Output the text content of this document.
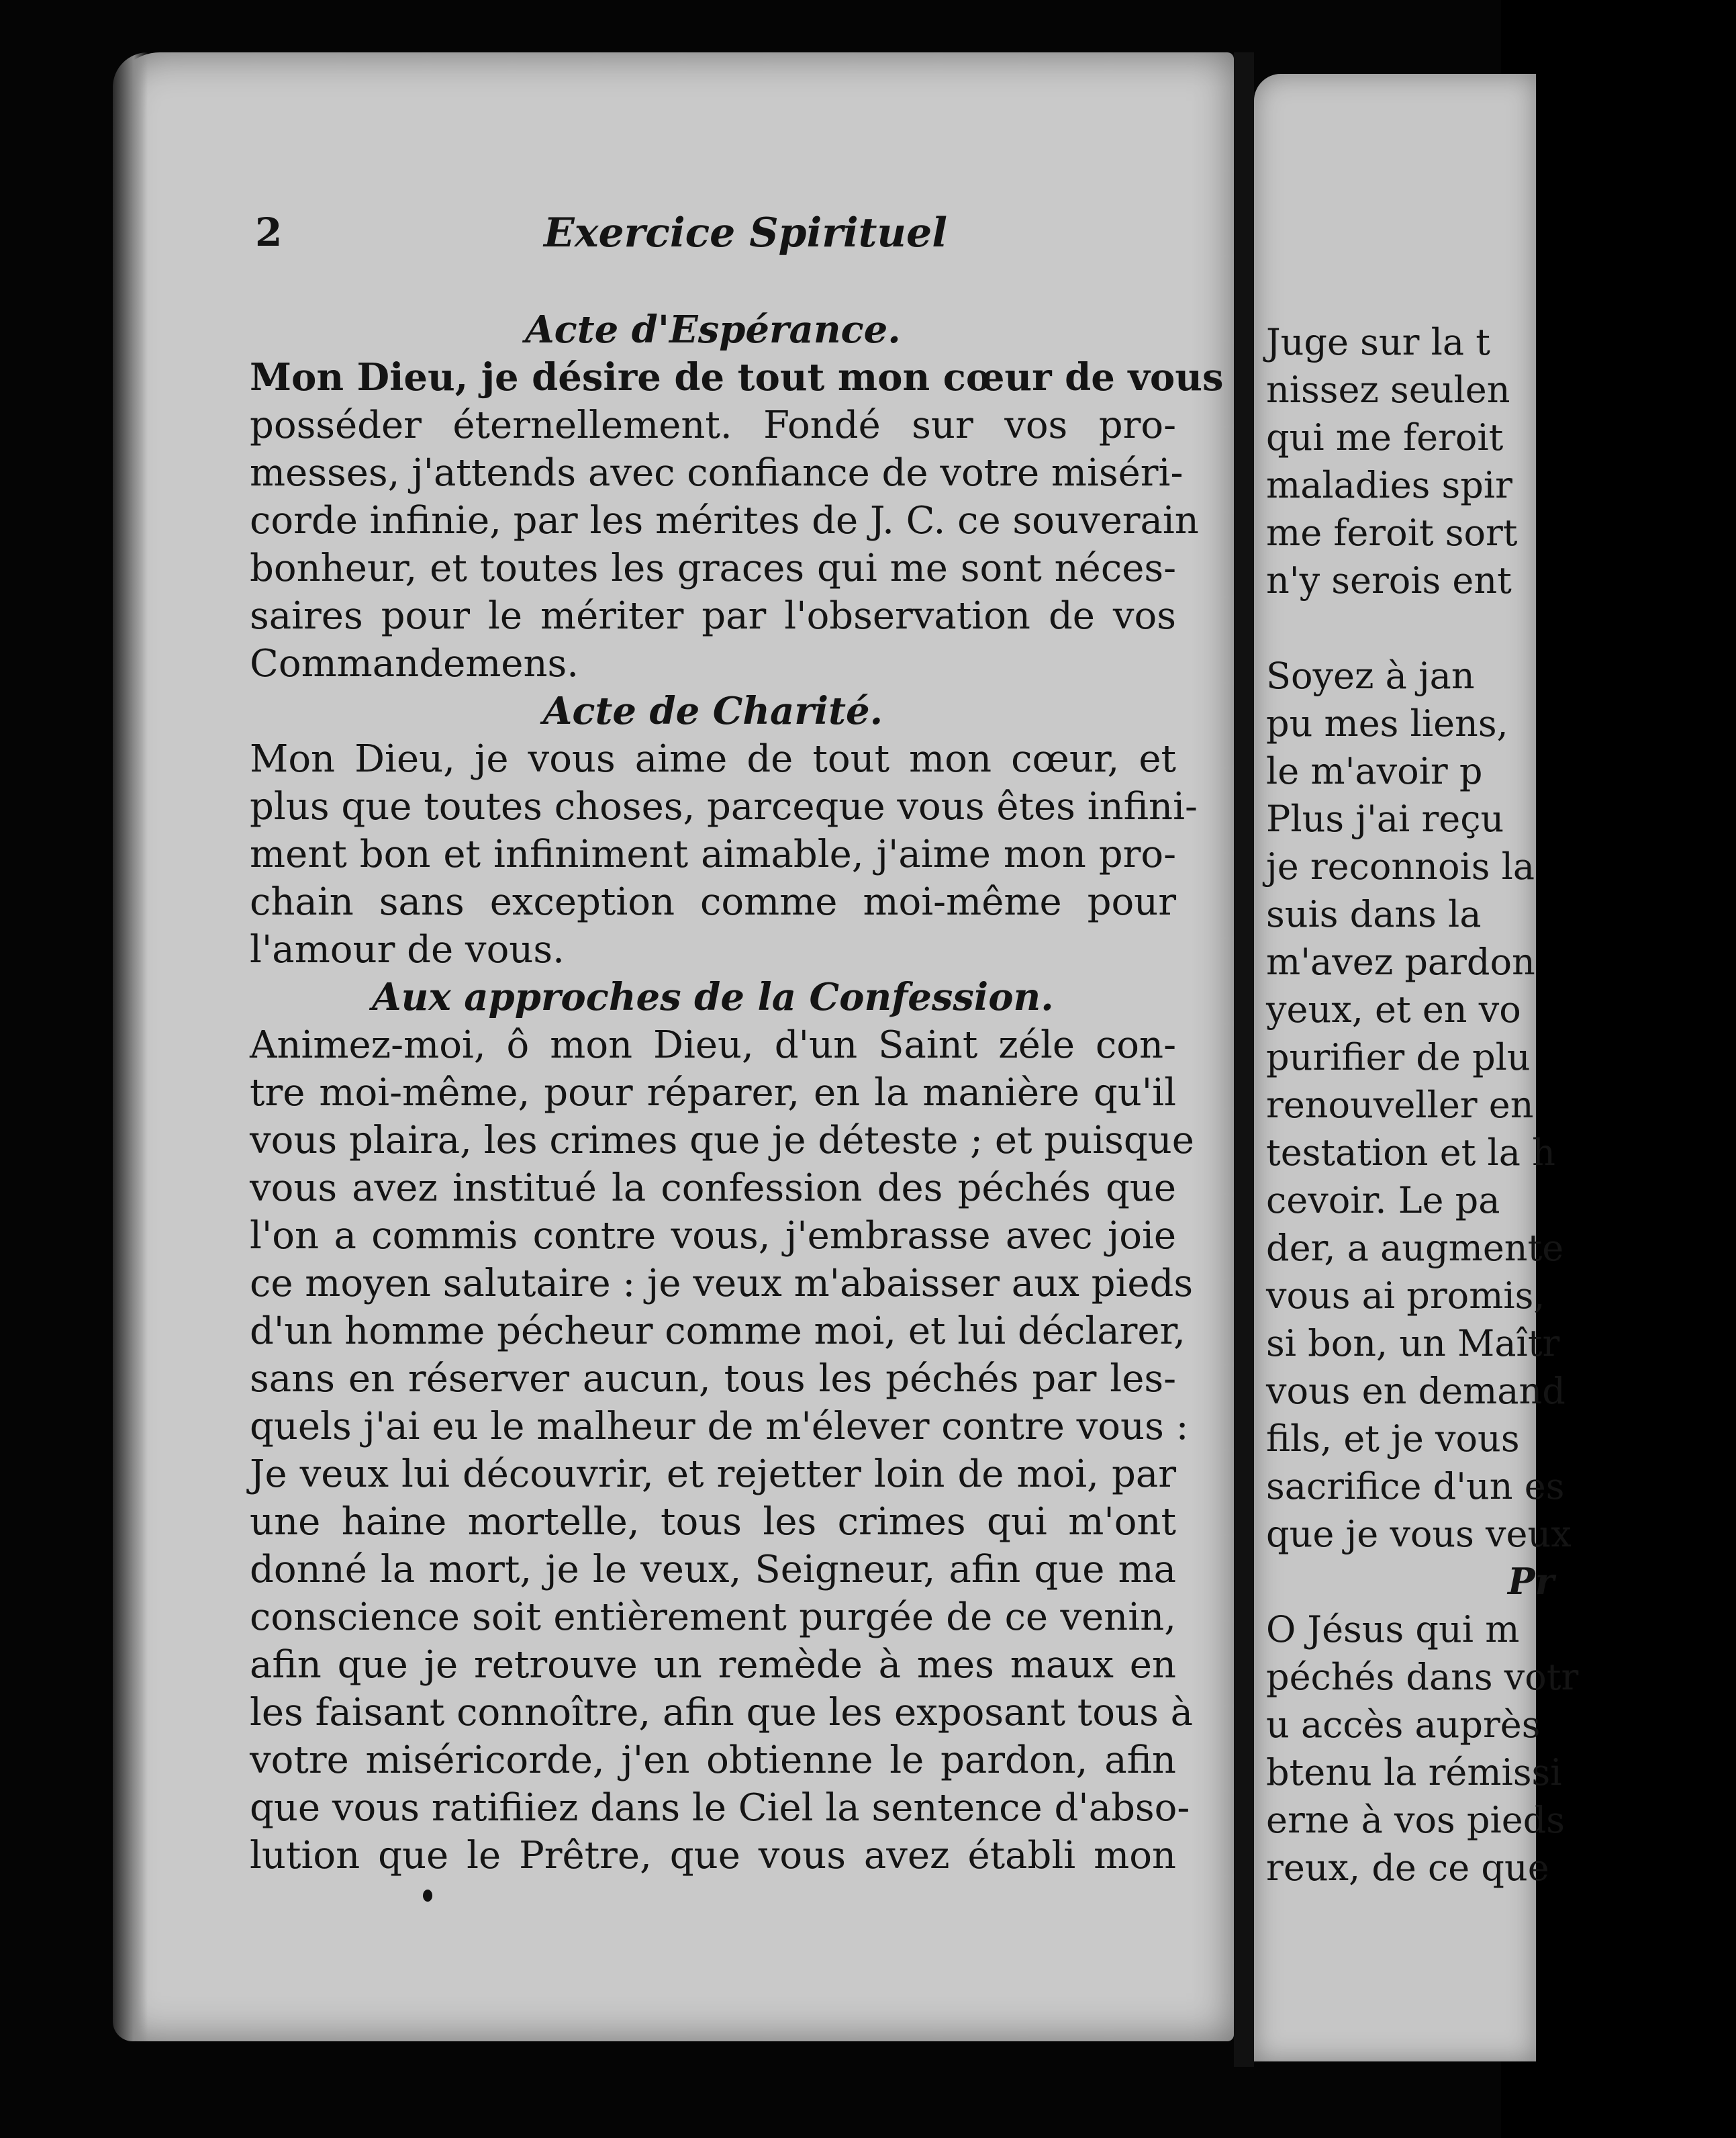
2	Exercice Spirituel
Acte d'Espérance.
Mon Dieu, je désire de tout mon cœur de vous
posséder éternellement. Fondé sur vos pro-
messes, j'attends avec confiance de votre miséri-
corde infinie, par les mérites de J. C. ce souverain
bonheur, et toutes les graces qui me sont néces-
saires pour le mériter par l'observation de vos
Commandemens.
Acte de Charité.
Mon Dieu, je vous aime de tout mon cœur, et
plus que toutes choses, parceque vous êtes infini-
ment bon et infiniment aimable, j'aime mon pro-
chain sans exception comme moi-même pour
l'amour de vous.
Aux approches de la Confession.
Animez-moi, ô mon Dieu, d'un Saint zéle con-
tre moi-même, pour réparer, en la manière qu'il
vous plaira, les crimes que je déteste ; et puisque
vous avez institué la confession des péchés que
l'on a commis contre vous, j'embrasse avec joie
ce moyen salutaire : je veux m'abaisser aux pieds
d'un homme pécheur comme moi, et lui déclarer,
sans en réserver aucun, tous les péchés par les-
quels j'ai eu le malheur de m'élever contre vous :
Je veux lui découvrir, et rejetter loin de moi, par
une haine mortelle, tous les crimes qui m'ont
donné la mort, je le veux, Seigneur, afin que ma
conscience soit entièrement purgée de ce venin,
afin que je retrouve un remède à mes maux en
les faisant connoître, afin que les exposant tous à
votre miséricorde, j'en obtienne le pardon, afin
que vous ratifiiez dans le Ciel la sentence d'abso-
lution que le Prêtre, que vous avez établi mon
Juge sur la t
nissez seulen
qui me feroit
maladies spir
me feroit sort
n'y serois ent
Soyez à jan
pu mes liens,
le m'avoir p
Plus j'ai reçu
je reconnois la
suis dans la
m'avez pardon
yeux, et en vo
purifier de plu
renouveller en
testation et la h
cevoir. Le pa
der, a augmente
vous ai promis,
si bon, un Maîtr
vous en demand
fils, et je vous
sacrifice d'un es
que je vous veux
Pr
O Jésus qui m
péchés dans votr
u accès auprès
btenu la rémissi
erne à vos pieds
reux, de ce que
